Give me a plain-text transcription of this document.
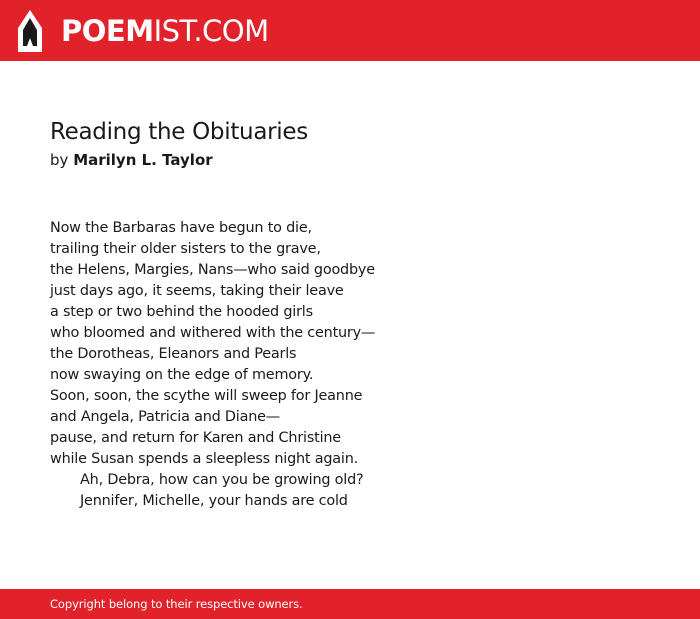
POEMIST.COM
Reading the Obituaries
by Marilyn L. Taylor
Now the Barbaras have begun to die,
trailing their older sisters to the grave,
the Helens, Margies, Nans—who said goodbye
just days ago, it seems, taking their leave
a step or two behind the hooded girls
who bloomed and withered with the century—
the Dorotheas, Eleanors and Pearls
now swaying on the edge of memory.
Soon, soon, the scythe will sweep for Jeanne
and Angela, Patricia and Diane—
pause, and return for Karen and Christine
while Susan spends a sleepless night again.
Ah, Debra, how can you be growing old?
Jennifer, Michelle, your hands are cold
Copyright belong to their respective owners.
